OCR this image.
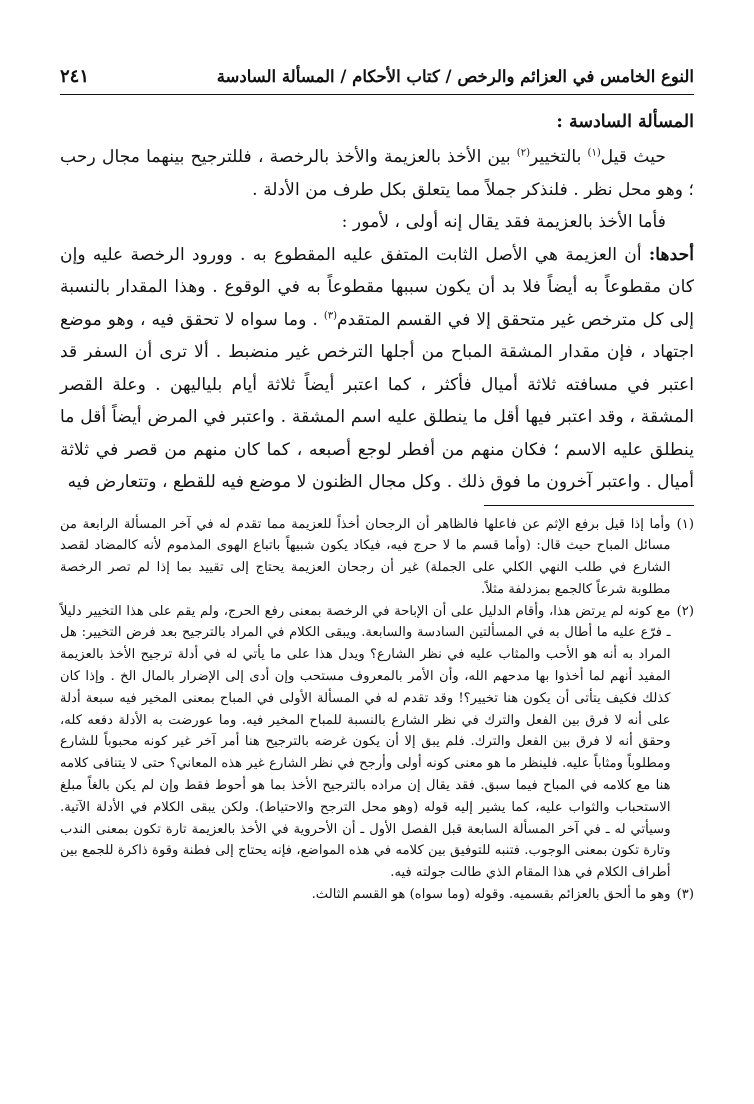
النوع الخامس في العزائم والرخص / كتاب الأحكام / المسألة السادسة
٢٤١
المسألة السادسة :

حيث قيل$^{(١)}$ بالتخيير$^{(٢)}$ بين الأخذ بالعزيمة والأخذ بالرخصة ، فللترجيح بينهما مجال رحب ؛ وهو محل نظر . فلنذكر جملاً مما يتعلق بكل طرف من الأدلة .

فأما الأخذ بالعزيمة فقد يقال إنه أولى ، لأمور :

أحدها: أن العزيمة هي الأصل الثابت المتفق عليه المقطوع به . وورود الرخصة عليه وإن كان مقطوعاً به أيضاً فلا بد أن يكون سببها مقطوعاً به في الوقوع . وهذا المقدار بالنسبة إلى كل مترخص غير متحقق إلا في القسم المتقدم$^{(٣)}$ . وما سواه لا تحقق فيه ، وهو موضع اجتهاد ، فإن مقدار المشقة المباح من أجلها الترخص غير منضبط . ألا ترى أن السفر قد اعتبر في مسافته ثلاثة أميال فأكثر ، كما اعتبر أيضاً ثلاثة أيام بلياليهن . وعلة القصر المشقة ، وقد اعتبر فيها أقل ما ينطلق عليه اسم المشقة . واعتبر في المرض أيضاً أقل ما ينطلق عليه الاسم ؛ فكان منهم من أفطر لوجع أصبعه ، كما كان منهم من قصر في ثلاثة أميال . واعتبر آخرون ما فوق ذلك . وكل مجال الظنون لا موضع فيه للقطع ، وتتعارض فيه

(١)
وأما إذا قيل برفع الإثم عن فاعلها فالظاهر أن الرجحان أخذاً للعزيمة مما تقدم له في آخر المسألة الرابعة من مسائل المباح حيث قال: (وأما قسم ما لا حرج فيه، فيكاد يكون شبيهاً باتباع الهوى المذموم لأنه كالمضاد لقصد الشارع في طلب النهي الكلي على الجملة) غير أن رجحان العزيمة يحتاج إلى تقييد بما إذا لم تصر الرخصة مطلوبة شرعاً كالجمع بمزدلفة مثلاً.
(٢)
مع كونه لم يرتض هذا، وأقام الدليل على أن الإباحة في الرخصة بمعنى رفع الحرج، ولم يقم على هذا التخيير دليلاً ـ فرّع عليه ما أطال به في المسألتين السادسة والسابعة. ويبقى الكلام في المراد بالترجيح بعد فرض التخيير: هل المراد به أنه هو الأحب والمثاب عليه في نظر الشارع؟ ويدل هذا على ما يأتي له في أدلة ترجيح الأخذ بالعزيمة المفيد أنهم لما أخذوا بها مدحهم الله، وأن الأمر بالمعروف مستحب وإن أدى إلى الإضرار بالمال الخ . وإذا كان كذلك فكيف يتأتى أن يكون هنا تخيير؟! وقد تقدم له في المسألة الأولى في المباح بمعنى المخير فيه سبعة أدلة على أنه لا فرق بين الفعل والترك في نظر الشارع بالنسبة للمباح المخير فيه. وما عورضت به الأدلة دفعه كله، وحقق أنه لا فرق بين الفعل والترك. فلم يبق إلا أن يكون غرضه بالترجيح هنا أمر آخر غير كونه محبوباً للشارع ومطلوباً ومثاباً عليه. فلينظر ما هو معنى كونه أولى وأرجح في نظر الشارع غير هذه المعاني؟ حتى لا يتنافى كلامه هنا مع كلامه في المباح فيما سبق. فقد يقال إن مراده بالترجيح الأخذ بما هو أحوط فقط وإن لم يكن بالغاً مبلغ الاستحباب والثواب عليه، كما يشير إليه قوله (وهو محل الترجح والاحتياط). ولكن يبقى الكلام في الأدلة الآتية. وسيأتي له ـ في آخر المسألة السابعة قبل الفصل الأول ـ أن الأحروية في الأخذ بالعزيمة تارة تكون بمعنى الندب وتارة تكون بمعنى الوجوب. فتنبه للتوفيق بين كلامه في هذه المواضع، فإنه يحتاج إلى فطنة وقوة ذاكرة للجمع بين أطراف الكلام في هذا المقام الذي طالت جولته فيه.
(٣)
وهو ما ألحق بالعزائم بقسميه. وقوله (وما سواه) هو القسم الثالث.
